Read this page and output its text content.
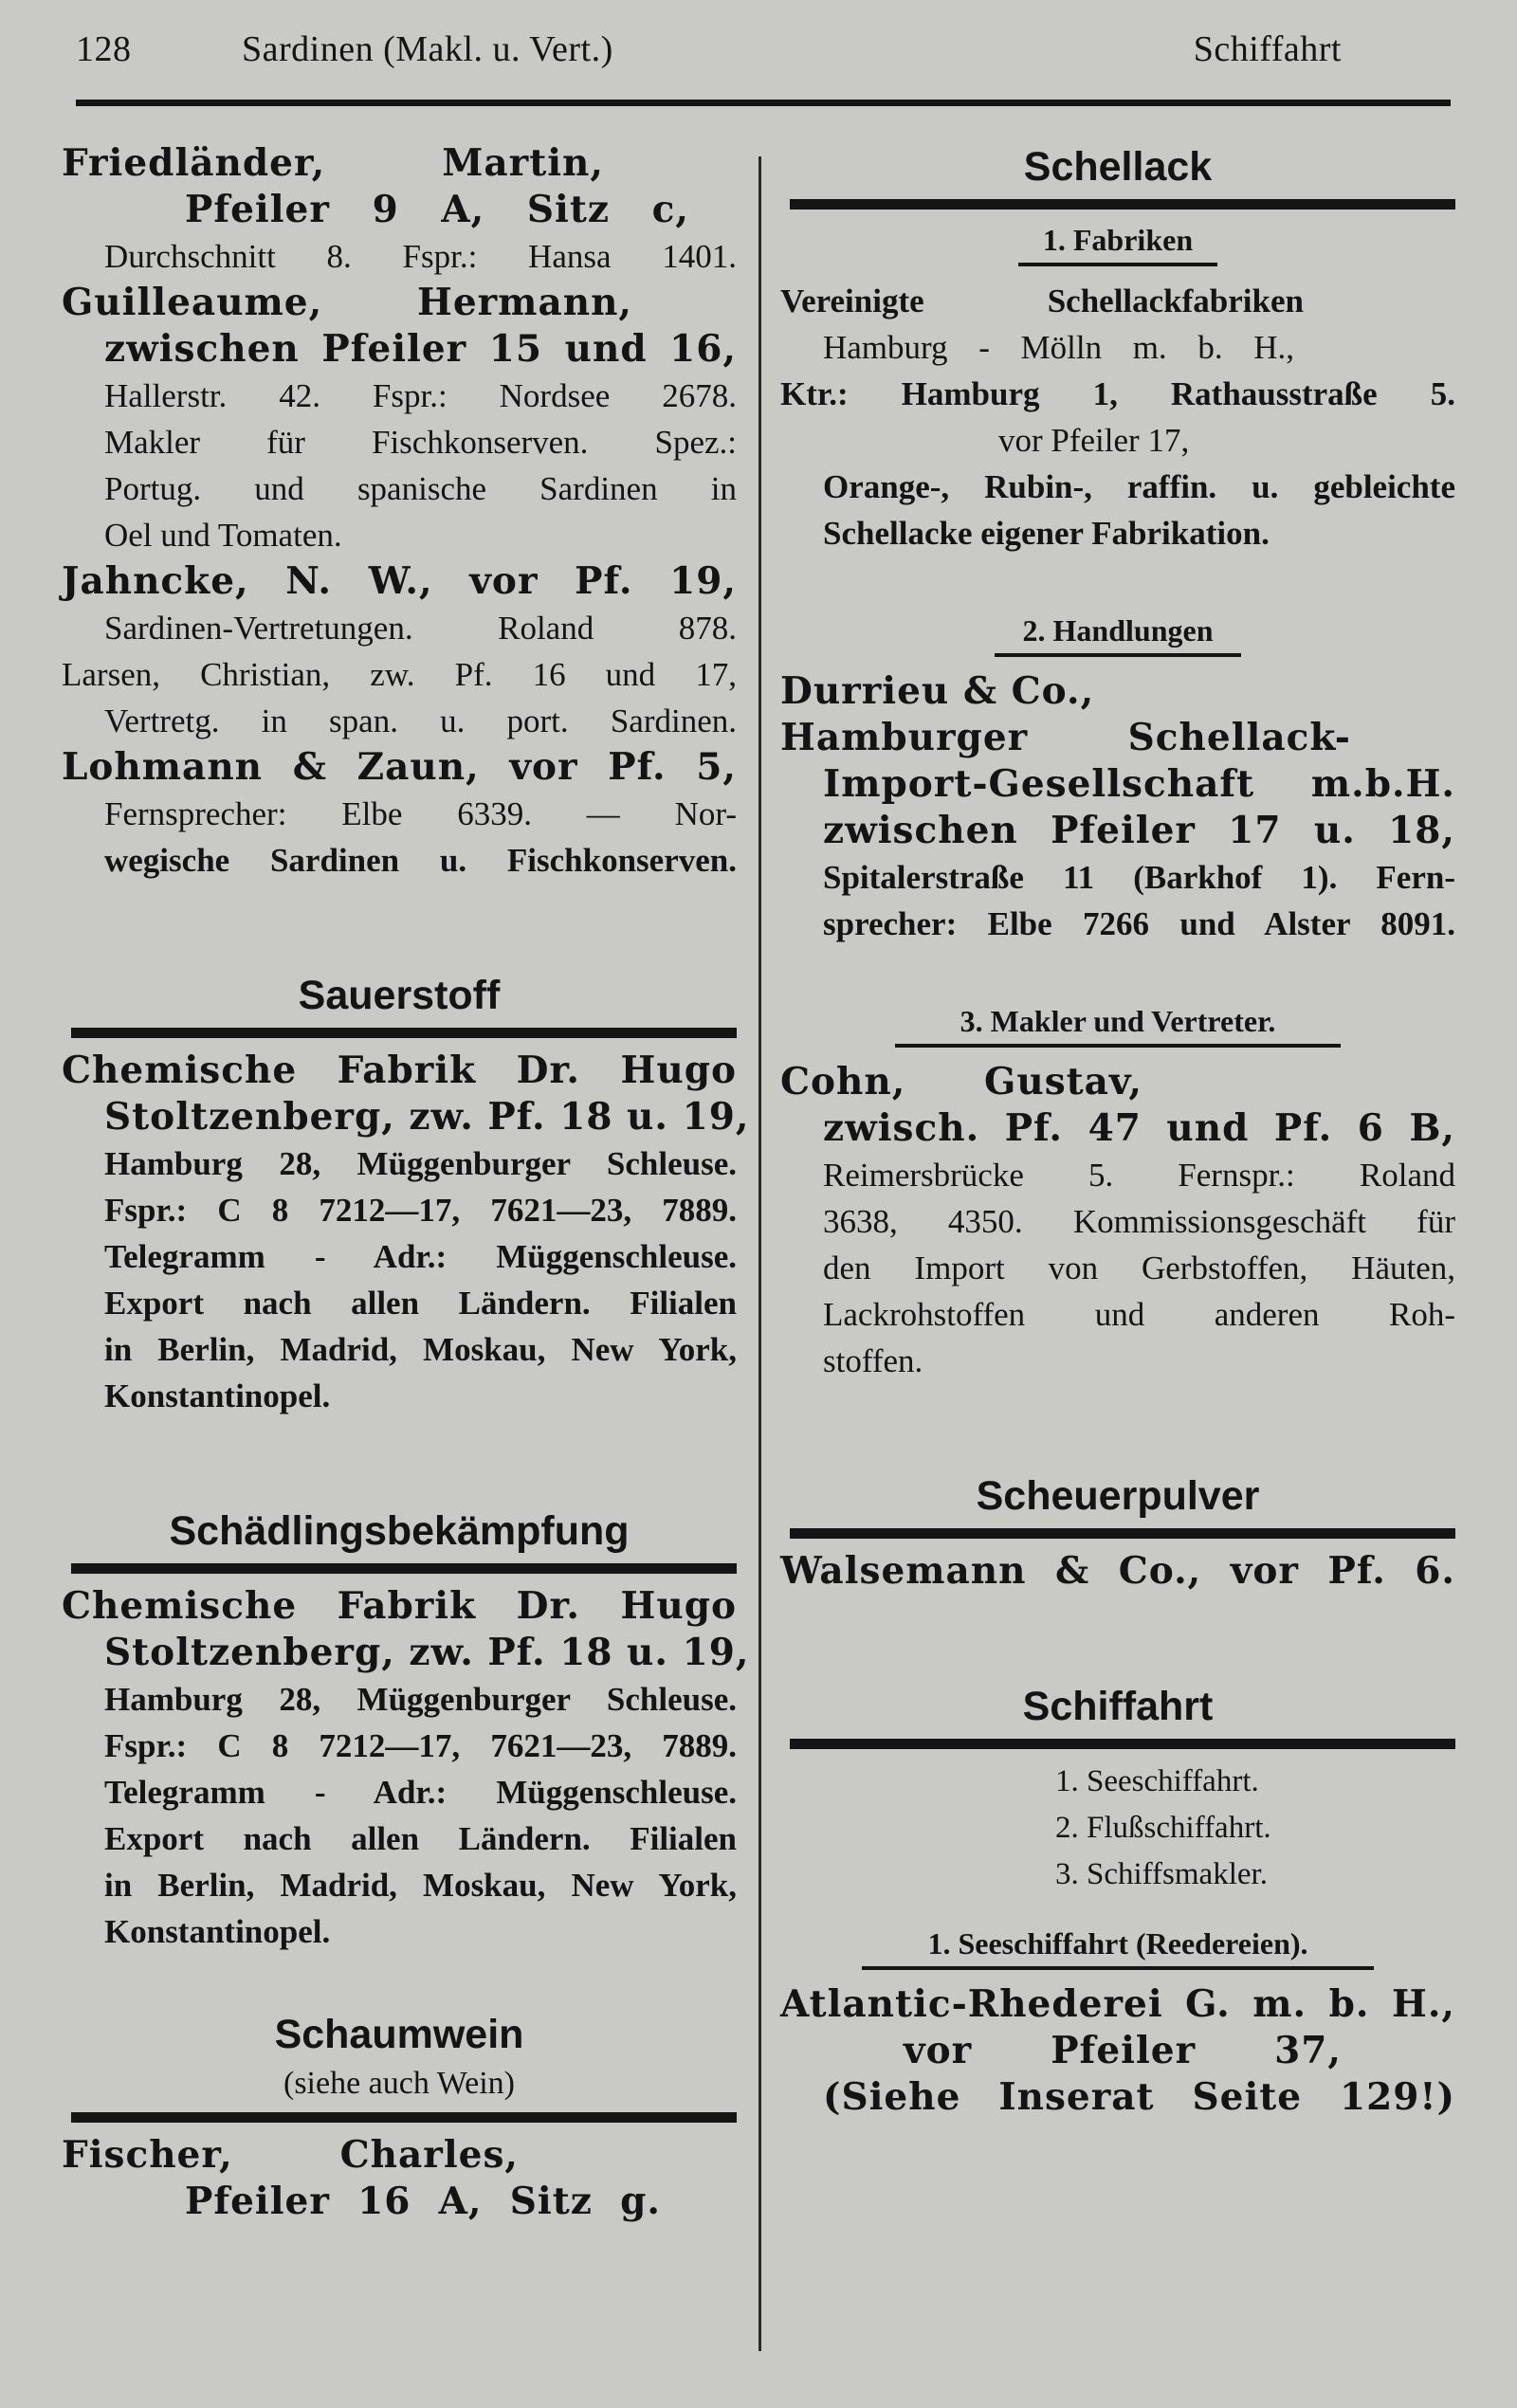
128	Sardinen (Makl. u. Vert.)	Schiffahrt
Friedländer, Martin,
Pfeiler 9 A, Sitz c,
Durchschnitt 8. Fspr.: Hansa 1401.
Guilleaume, Hermann,
zwischen Pfeiler 15 und 16,
Hallerstr. 42. Fspr.: Nordsee 2678.
Makler für Fischkonserven. Spez.:
Portug. und spanische Sardinen in
Oel und Tomaten.
Jahncke, N. W., vor Pf. 19,
Sardinen-Vertretungen. Roland 878.
Larsen, Christian, zw. Pf. 16 und 17,
Vertretg. in span. u. port. Sardinen.
Lohmann & Zaun, vor Pf. 5,
Fernsprecher: Elbe 6339. — Nor-
wegische Sardinen u. Fischkonserven.
Sauerstoff
Chemische Fabrik Dr. Hugo
Stoltzenberg, zw. Pf. 18 u. 19,
Hamburg 28, Müggenburger Schleuse.
Fspr.: C 8 7212—17, 7621—23, 7889.
Telegramm - Adr.: Müggenschleuse.
Export nach allen Ländern. Filialen
in Berlin, Madrid, Moskau, New York,
Konstantinopel.
Schädlingsbekämpfung
Chemische Fabrik Dr. Hugo
Stoltzenberg, zw. Pf. 18 u. 19,
Hamburg 28, Müggenburger Schleuse.
Fspr.: C 8 7212—17, 7621—23, 7889.
Telegramm - Adr.: Müggenschleuse.
Export nach allen Ländern. Filialen
in Berlin, Madrid, Moskau, New York,
Konstantinopel.
Schaumwein
(siehe auch Wein)
Fischer, Charles,
Pfeiler 16 A, Sitz g.
Schellack
1. Fabriken
Vereinigte Schellackfabriken
Hamburg - Mölln m. b. H.,
Ktr.: Hamburg 1, Rathausstraße 5.
vor Pfeiler 17,
Orange-, Rubin-, raffin. u. gebleichte
Schellacke eigener Fabrikation.
2. Handlungen
Durrieu & Co.,
Hamburger Schellack-
Import-Gesellschaft m.b.H.
zwischen Pfeiler 17 u. 18,
Spitalerstraße 11 (Barkhof 1). Fern-
sprecher: Elbe 7266 und Alster 8091.
3. Makler und Vertreter.
Cohn, Gustav,
zwisch. Pf. 47 und Pf. 6 B,
Reimersbrücke 5. Fernspr.: Roland
3638, 4350. Kommissionsgeschäft für
den Import von Gerbstoffen, Häuten,
Lackrohstoffen und anderen Roh-
stoffen.
Scheuerpulver
Walsemann & Co., vor Pf. 6.
Schiffahrt
1. Seeschiffahrt.
2. Flußschiffahrt.
3. Schiffsmakler.
1. Seeschiffahrt (Reedereien).
Atlantic-Rhederei G. m. b. H.,
vor Pfeiler 37,
(Siehe Inserat Seite 129!)
